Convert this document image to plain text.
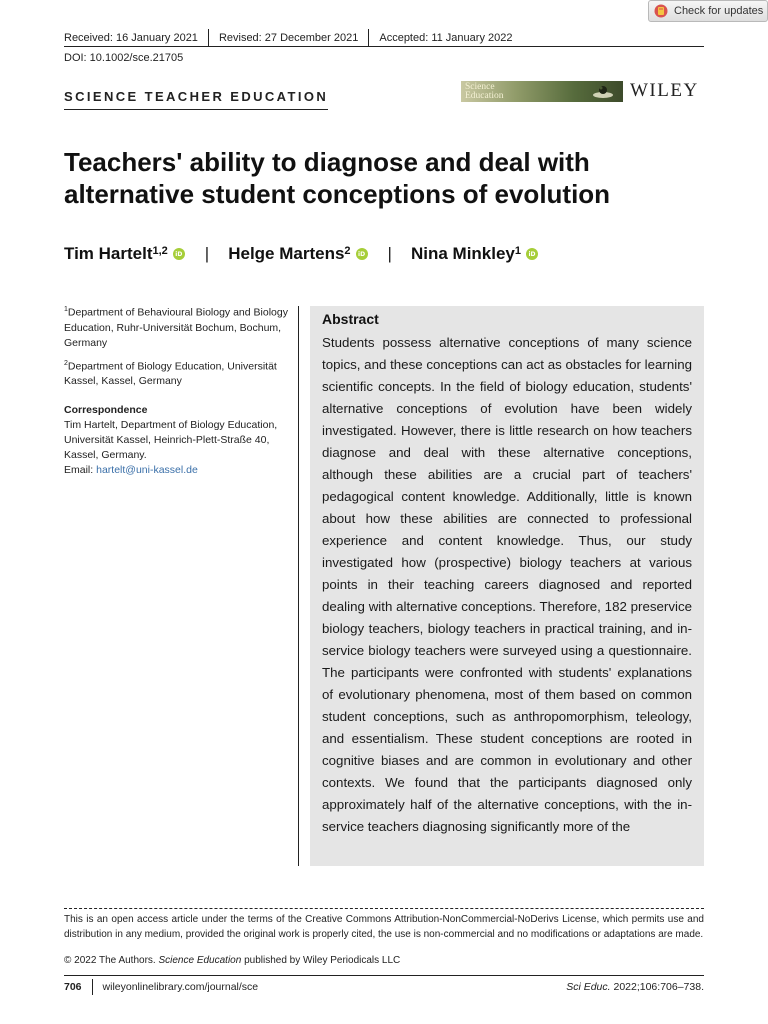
Check for updates
Received: 16 January 2021	Revised: 27 December 2021	Accepted: 11 January 2022
DOI: 10.1002/sce.21705
SCIENCE TEACHER EDUCATION
Science
Education	WILEY
Teachers' ability to diagnose and deal with alternative student conceptions of evolution
Tim Hartelt$^{1,2}$	iD | Helge Martens$^2$	iD | Nina Minkley$^1$	iD

$^1$Department of Behavioural Biology and Biology Education, Ruhr-Universität Bochum, Bochum, Germany

$^2$Department of Biology Education, Universität Kassel, Kassel, Germany

Correspondence

Tim Hartelt, Department of Biology Education, Universität Kassel, Heinrich-Plett-Straße 40, Kassel, Germany.

Email: hartelt@uni-kassel.de

Abstract

Students possess alternative conceptions of many science topics, and these conceptions can act as obstacles for learning scientific concepts. In the field of biology education, students' alternative conceptions of evolution have been widely investigated. However, there is little research on how teachers diagnose and deal with these alternative conceptions, although these abilities are a crucial part of teachers' pedagogical content knowledge. Additionally, little is known about how these abilities are connected to professional experience and content knowledge. Thus, our study investigated how (prospective) biology teachers at various points in their teaching careers diagnosed and reported dealing with alternative conceptions. Therefore, 182 preservice biology teachers, biology teachers in practical training, and in-service biology teachers were surveyed using a questionnaire. The participants were confronted with students' explanations of evolutionary phenomena, most of them based on common student conceptions, such as anthropomorphism, teleology, and essentialism. These student conceptions are rooted in cognitive biases and are common in evolutionary and other contexts. We found that the participants diagnosed only approximately half of the alternative conceptions, with the in-service teachers diagnosing significantly more of the

This is an open access article under the terms of the Creative Commons Attribution-NonCommercial-NoDerivs License, which permits use and distribution in any medium, provided the original work is properly cited, the use is non-commercial and no modifications or adaptations are made.
© 2022 The Authors. Science Education published by Wiley Periodicals LLC
706	wileyonlinelibrary.com/journal/sce	Sci Educ. 2022;106:706–738.
